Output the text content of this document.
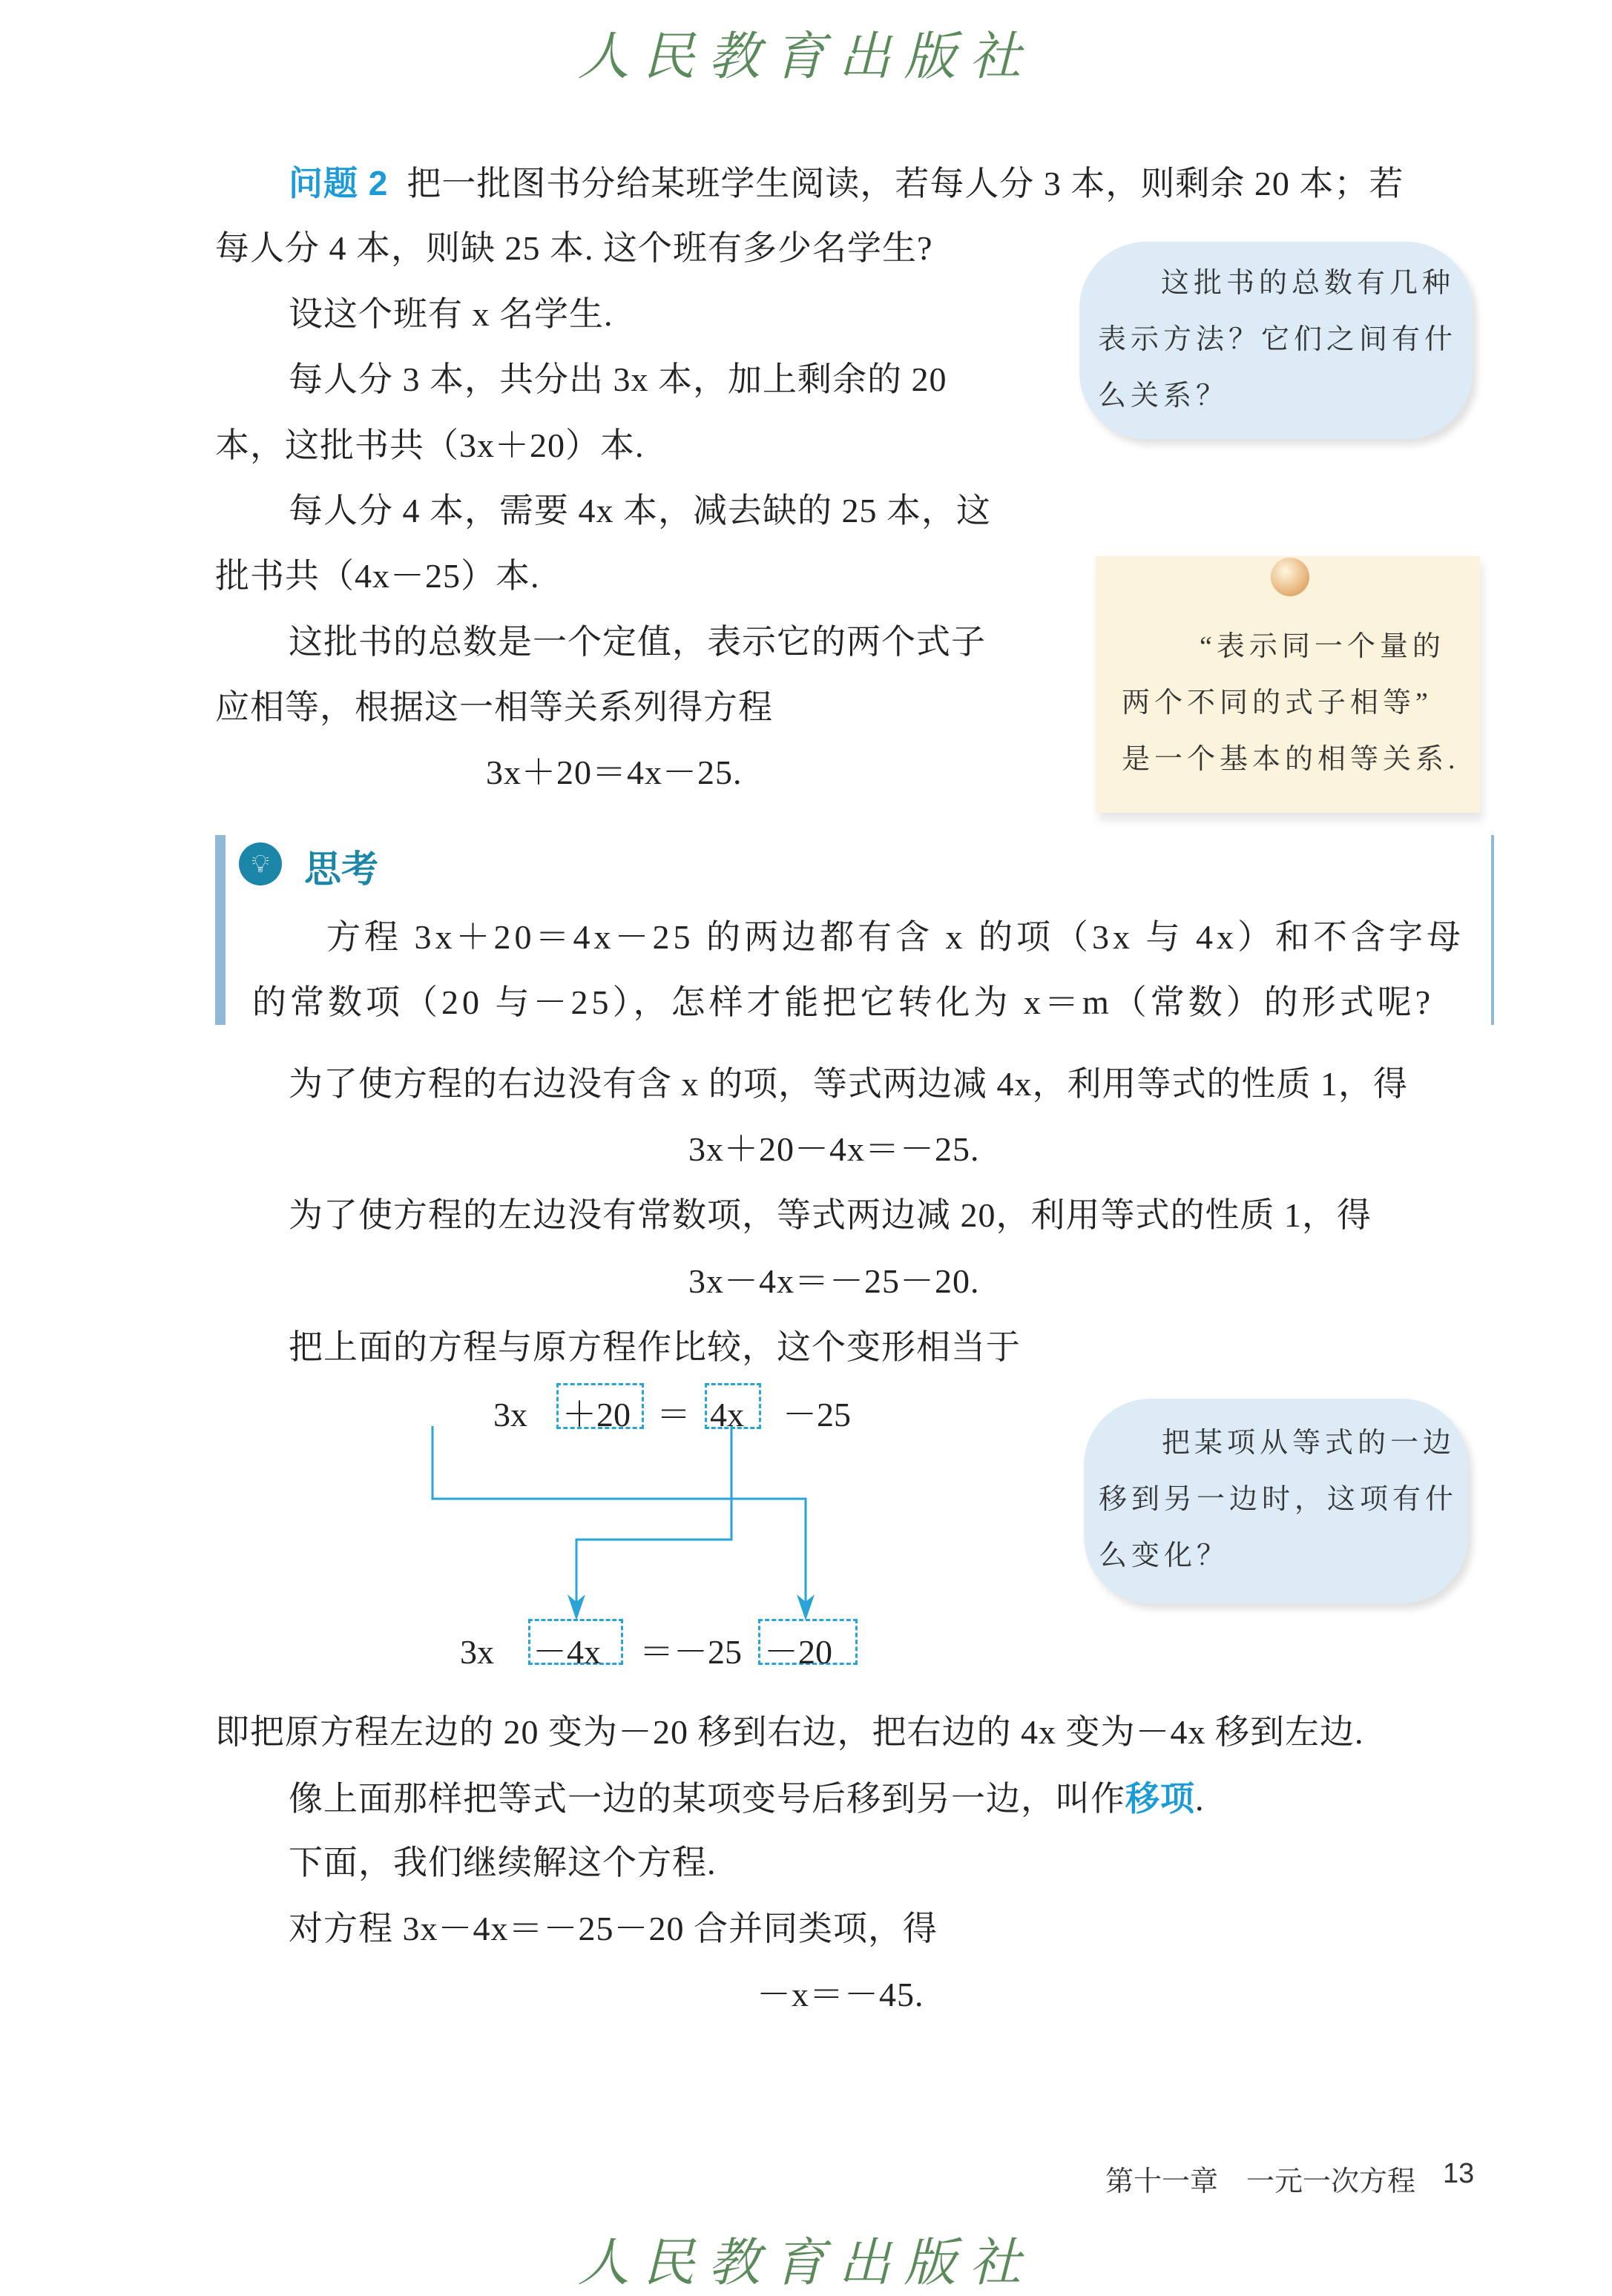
人民教育出版社
问题 2 把一批图书分给某班学生阅读，若每人分 3 本，则剩余 20 本；若
每人分 4 本，则缺 25 本. 这个班有多少名学生?
设这个班有 x 名学生.
每人分 3 本，共分出 3x 本，加上剩余的 20
本，这批书共（3x＋20）本.
每人分 4 本，需要 4x 本，减去缺的 25 本，这
批书共（4x－25）本.
这批书的总数是一个定值，表示它的两个式子
应相等，根据这一相等关系列得方程
3x＋20＝4x－25.
这批书的总数有几种
表示方法？它们之间有什
么关系？
“表示同一个量的
两个不同的式子相等”
是一个基本的相等关系.
💡︎ 思考
方程 3x＋20＝4x－25 的两边都有含 x 的项（3x 与 4x）和不含字母
的常数项（20 与－25），怎样才能把它转化为 x＝m（常数）的形式呢?
为了使方程的右边没有含 x 的项，等式两边减 4x，利用等式的性质 1，得
3x＋20－4x＝－25.
为了使方程的左边没有常数项，等式两边减 20，利用等式的性质 1，得
3x－4x＝－25－20.
把上面的方程与原方程作比较，这个变形相当于
3x ＋20 ＝ 4x －25
3x －4x ＝－25 －20
把某项从等式的一边
移到另一边时，这项有什
么变化？
即把原方程左边的 20 变为－20 移到右边，把右边的 4x 变为－4x 移到左边.
像上面那样把等式一边的某项变号后移到另一边，叫作移项.
下面，我们继续解这个方程.
对方程 3x－4x＝－25－20 合并同类项，得
－x＝－45.
第十一章　一元一次方程 13
人民教育出版社
